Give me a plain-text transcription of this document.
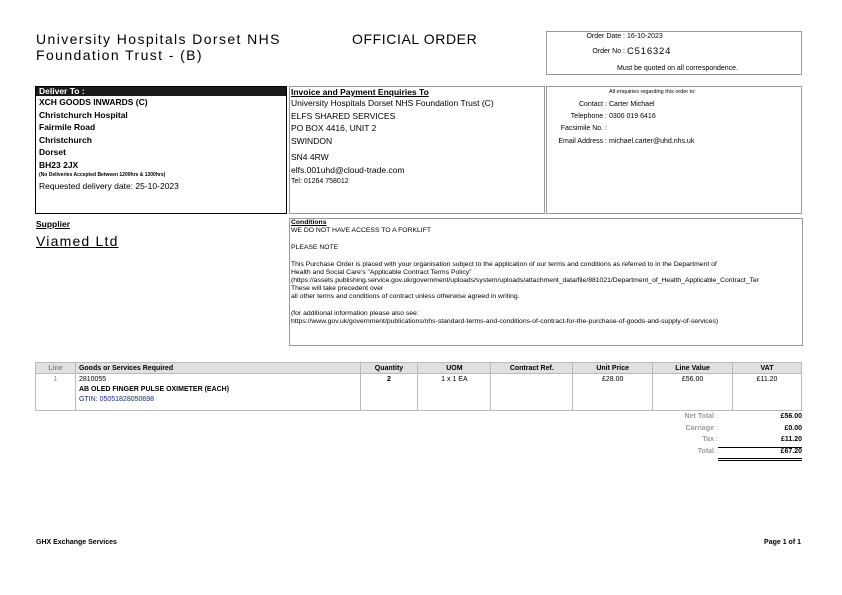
University Hospitals Dorset NHS
Foundation Trust - (B)
OFFICIAL ORDER	Order Date : 16-10-2023
Order No : C516324
Must be quoted on all correspondence.
Deliver To :
XCH GOODS INWARDS (C)
Christchurch Hospital
Fairmile Road
Christchurch
Dorset
BH23 2JX
(No Deliveries Accepted Between 1200hrs & 1300hrs)
Requested delivery date: 25-10-2023
Invoice and Payment Enquiries To
University Hospitals Dorset NHS Foundation Trust (C)
ELFS SHARED SERVICES
PO BOX 4416, UNIT 2
SWINDON
SN4 4RW
elfs.001uhd@cloud-trade.com
Tel: 01264 758012
All enquiries regarding this order to:
Contact : Carter Michael
Telephone : 0300 019 6416
Facsimile No. :
Email Address : michael.carter@uhd.nhs.uk
Supplier
Viamed Ltd
Conditions
WE DO NOT HAVE ACCESS TO A FORKLIFT
PLEASE NOTE
This Purchase Order is placed with your organisation subject to the application of our terms and conditions as referred to in the Department of
Health and Social Care's "Applicable Contract Terms Policy"
(https://assets.publishing.service.gov.uk/government/uploads/system/uploads/attachment_data/file/881021/Department_of_Health_Applicable_Contract_Ter
These will take precedent over
all other terms and conditions of contract unless otherwise agreed in writing.
(for additional information please also see:
https://www.gov.uk/government/publications/nhs-standard-terms-and-conditions-of-contract-for-the-purchase-of-goods-and-supply-of-services)
Line	Goods or Services Required	Quantity	UOM	Contract Ref.	Unit Price	Line Value	VAT
1	2810055
AB OLED FINGER PULSE OXIMETER (EACH)
GTIN: 05051828050698	2	1 x 1 EA		£28.00	£56.00	£11.20
Net Total :	£56.00
Carriage :	£0.00
Tax :	£11.20
Total :	£67.20
GHX Exchange Services	Page 1 of 1
